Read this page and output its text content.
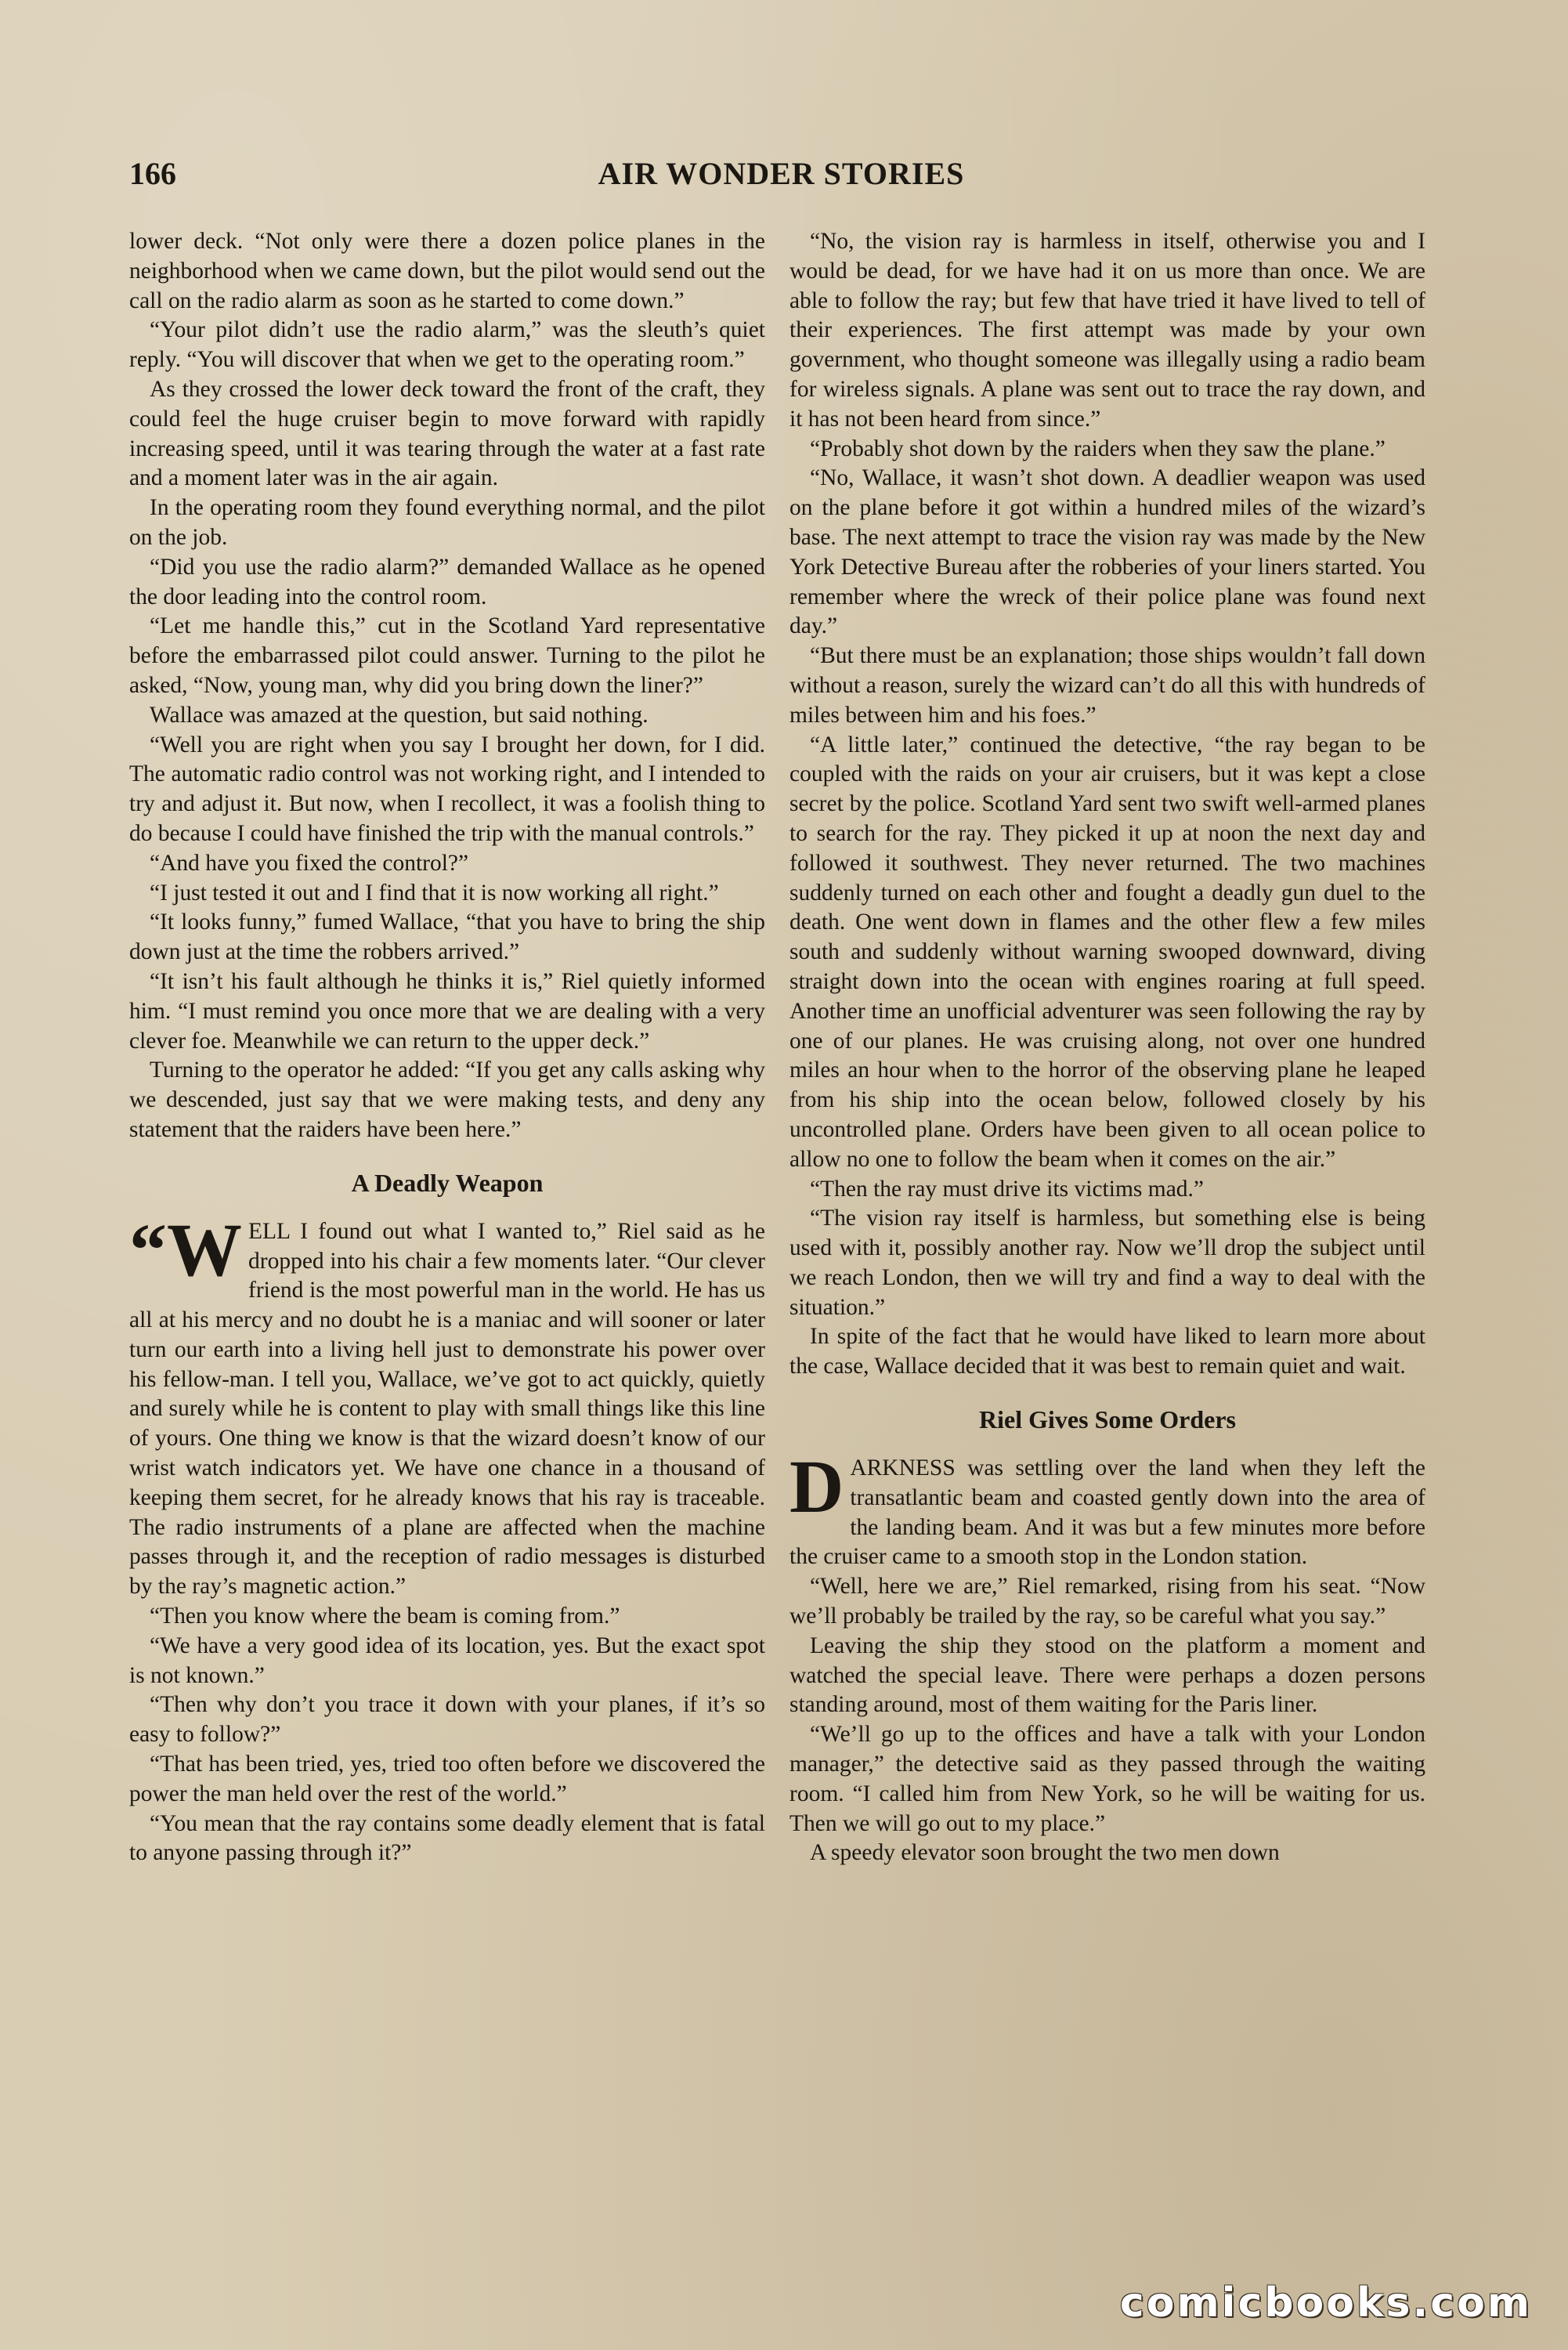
166	AIR WONDER STORIES

lower deck. “Not only were there a dozen police planes in the neighborhood when we came down, but the pilot would send out the call on the radio alarm as soon as he started to come down.”

“Your pilot didn’t use the radio alarm,” was the sleuth’s quiet reply. “You will discover that when we get to the operating room.”

As they crossed the lower deck toward the front of the craft, they could feel the huge cruiser begin to move forward with rapidly increasing speed, until it was tearing through the water at a fast rate and a moment later was in the air again.

In the operating room they found everything normal, and the pilot on the job.

“Did you use the radio alarm?” demanded Wallace as he opened the door leading into the control room.

“Let me handle this,” cut in the Scotland Yard representative before the embarrassed pilot could answer. Turning to the pilot he asked, “Now, young man, why did you bring down the liner?”

Wallace was amazed at the question, but said nothing.

“Well you are right when you say I brought her down, for I did. The automatic radio control was not working right, and I intended to try and adjust it. But now, when I recollect, it was a foolish thing to do because I could have finished the trip with the manual controls.”

“And have you fixed the control?”

“I just tested it out and I find that it is now working all right.”

“It looks funny,” fumed Wallace, “that you have to bring the ship down just at the time the robbers arrived.”

“It isn’t his fault although he thinks it is,” Riel quietly informed him. “I must remind you once more that we are dealing with a very clever foe. Meanwhile we can return to the upper deck.”

Turning to the operator he added: “If you get any calls asking why we descended, just say that we were making tests, and deny any statement that the raiders have been here.”

A Deadly Weapon

“W ELL I found out what I wanted to,” Riel said as he dropped into his chair a few moments later. “Our clever friend is the most powerful man in the world. He has us all at his mercy and no doubt he is a maniac and will sooner or later turn our earth into a living hell just to demonstrate his power over his fellow-man. I tell you, Wallace, we’ve got to act quickly, quietly and surely while he is content to play with small things like this line of yours. One thing we know is that the wizard doesn’t know of our wrist watch indicators yet. We have one chance in a thousand of keeping them secret, for he already knows that his ray is traceable. The radio instruments of a plane are affected when the machine passes through it, and the reception of radio messages is disturbed by the ray’s magnetic action.”

“Then you know where the beam is coming from.”

“We have a very good idea of its location, yes. But the exact spot is not known.”

“Then why don’t you trace it down with your planes, if it’s so easy to follow?”

“That has been tried, yes, tried too often before we discovered the power the man held over the rest of the world.”

“You mean that the ray contains some deadly element that is fatal to anyone passing through it?”

“No, the vision ray is harmless in itself, otherwise you and I would be dead, for we have had it on us more than once. We are able to follow the ray; but few that have tried it have lived to tell of their experiences. The first attempt was made by your own government, who thought someone was illegally using a radio beam for wireless signals. A plane was sent out to trace the ray down, and it has not been heard from since.”

“Probably shot down by the raiders when they saw the plane.”

“No, Wallace, it wasn’t shot down. A deadlier weapon was used on the plane before it got within a hundred miles of the wizard’s base. The next attempt to trace the vision ray was made by the New York Detective Bureau after the robberies of your liners started. You remember where the wreck of their police plane was found next day.”

“But there must be an explanation; those ships wouldn’t fall down without a reason, surely the wizard can’t do all this with hundreds of miles between him and his foes.”

“A little later,” continued the detective, “the ray began to be coupled with the raids on your air cruisers, but it was kept a close secret by the police. Scotland Yard sent two swift well-armed planes to search for the ray. They picked it up at noon the next day and followed it southwest. They never returned. The two machines suddenly turned on each other and fought a deadly gun duel to the death. One went down in flames and the other flew a few miles south and suddenly without warning swooped downward, diving straight down into the ocean with engines roaring at full speed. Another time an unofficial adventurer was seen following the ray by one of our planes. He was cruising along, not over one hundred miles an hour when to the horror of the observing plane he leaped from his ship into the ocean below, followed closely by his uncontrolled plane. Orders have been given to all ocean police to allow no one to follow the beam when it comes on the air.”

“Then the ray must drive its victims mad.”

“The vision ray itself is harmless, but something else is being used with it, possibly another ray. Now we’ll drop the subject until we reach London, then we will try and find a way to deal with the situation.”

In spite of the fact that he would have liked to learn more about the case, Wallace decided that it was best to remain quiet and wait.

Riel Gives Some Orders

DARKNESS was settling over the land when they left the transatlantic beam and coasted gently down into the area of the landing beam. And it was but a few minutes more before the cruiser came to a smooth stop in the London station.

“Well, here we are,” Riel remarked, rising from his seat. “Now we’ll probably be trailed by the ray, so be careful what you say.”

Leaving the ship they stood on the platform a moment and watched the special leave. There were perhaps a dozen persons standing around, most of them waiting for the Paris liner.

“We’ll go up to the offices and have a talk with your London manager,” the detective said as they passed through the waiting room. “I called him from New York, so he will be waiting for us. Then we will go out to my place.”

A speedy elevator soon brought the two men down

comicbooks.com
